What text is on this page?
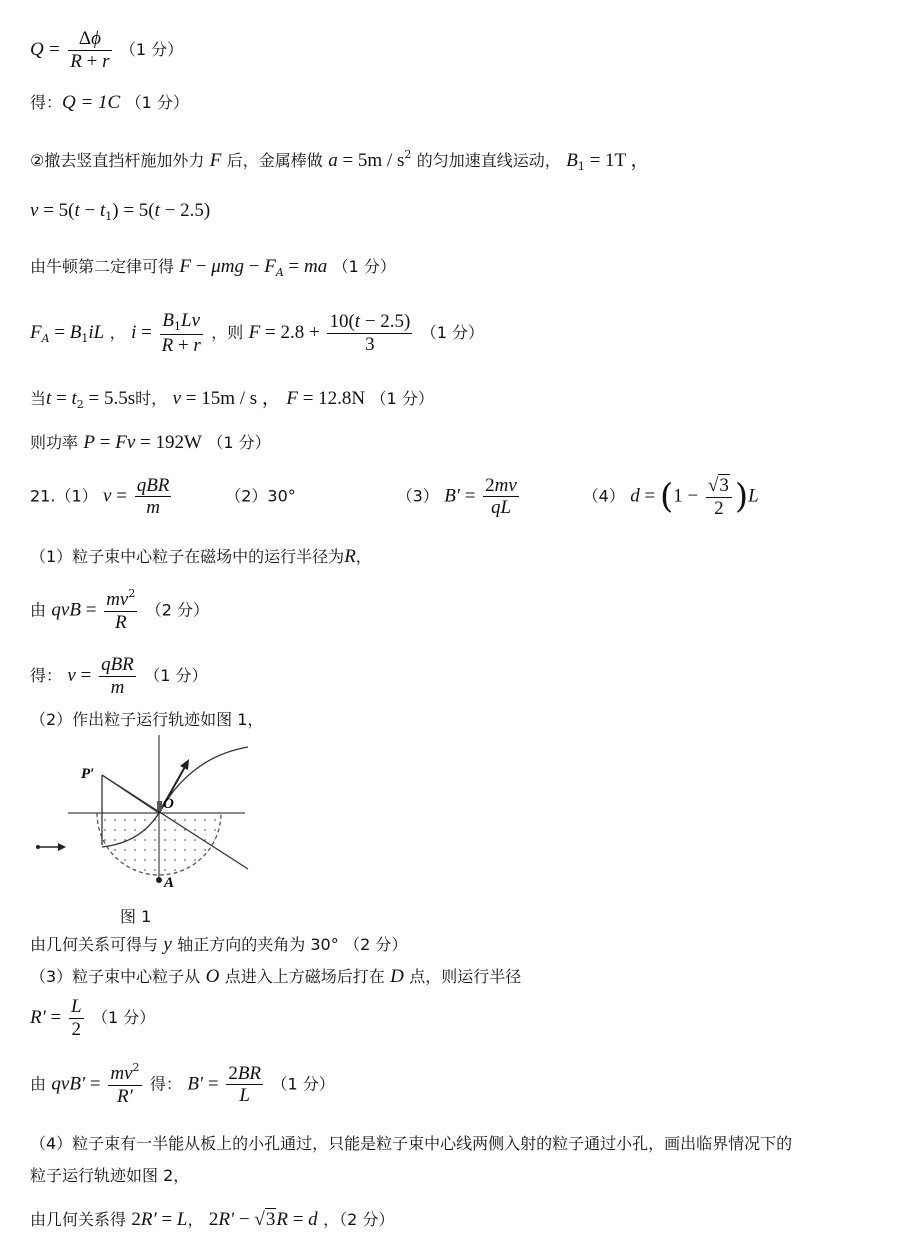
$Q = \frac{\Delta\phi}{R + r} (1$ 分）
得：Q = 1C （1 分）
②撤去竖直挡杆施加外力 F 后，金属棒做 $a = 5m / s^2$ 的匀加速直线运动， $B_1 = 1T$ ，
$v = 5(t - t_1) = 5(t - 2.5)$
由牛顿第二定律可得 $F - \mu mg - F_A$ = ma （1 分）
$F_A = B_1iL$ ， $i = \frac{B_1Lv}{R + r}$ ，则 $F = 2.8 + \frac{10(t - 2.5)}{3} (1$ 分）
当$t = t_2 = 5.5s$时， v = 15m / s ， F = 12.8N （1 分）
则功率 P = Fv = 192W （1 分）
21.（1） $v = \frac{\text{qBR}}{m}$	（2）30°	（3） $B' = \frac{2mv}{qL}$	（4） $d = (1 - \frac{√3}{2} )L$
（1）粒子束中心粒子在磁场中的运行半径为R，
由 qvB = $\frac{mv^2}{R} (2$ 分）
得： $v = \frac{\text{qBR}}{m} (1$ 分）
（2）作出粒子运行轨迹如图 1，
A
P′
O
图 1
由几何关系可得与 y 轴正方向的夹角为 30° （2 分）
（3）粒子束中心粒子从 O 点进入上方磁场后打在 D 点，则运行半径
$R' = \frac{L}{2} (1$ 分）
由 $qvB' = \frac{mv^2}{R'}$ 得： $B' = \frac{2BR}{L} (1$ 分）
（4）粒子束有一半能从板上的小孔通过，只能是粒子束中心线两侧入射的粒子通过小孔，画出临界情况下的
粒子运行轨迹如图 2，
由几何关系得 2R′ = L， 2R′ − √3R = d ，（2 分）
